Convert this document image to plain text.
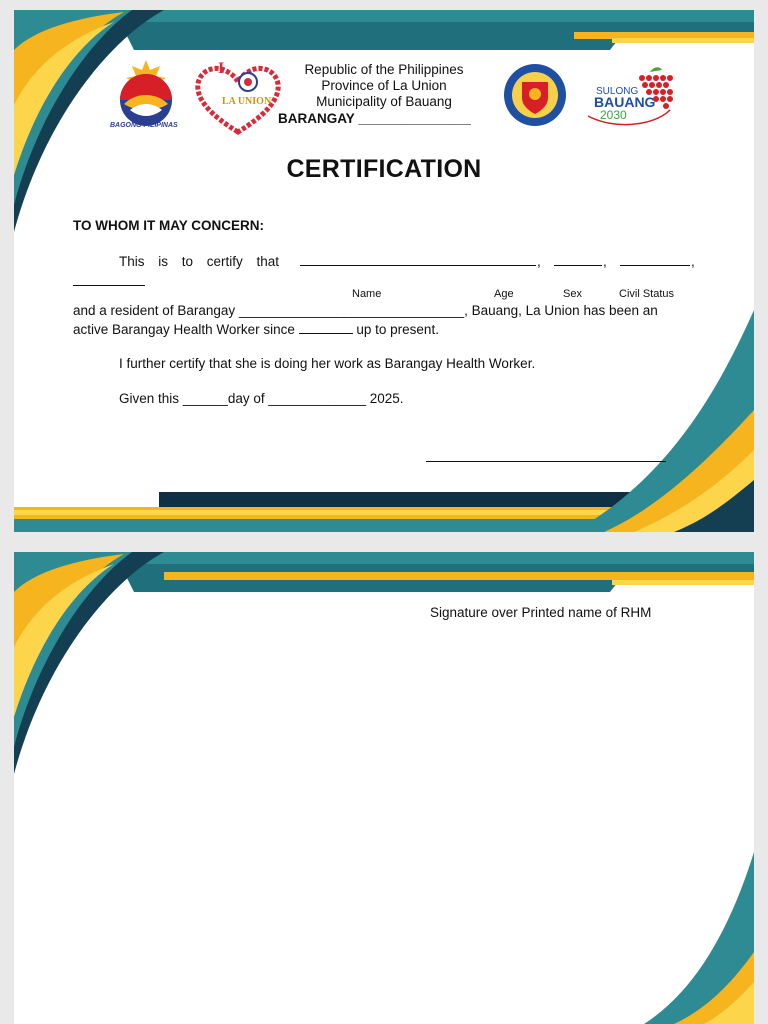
BAGONG PILIPINAS
I
LA UNION
SULONG
BAUANG
2030
Republic of the Philippines
Province of La Union
Municipality of Bauang
BARANGAY _______________
CERTIFICATION
TO WHOM IT MAY CONCERN:
This is to certify that	,	,	,
Name	Age	Sex	Civil Status
and a resident of Barangay ______________________________, Bauang, La Union has been an
active Barangay Health Worker since	up to present.
I further certify that she is doing her work as Barangay Health Worker.
Given this ______day of _____________ 2025.
Signature over Printed name of RHM
